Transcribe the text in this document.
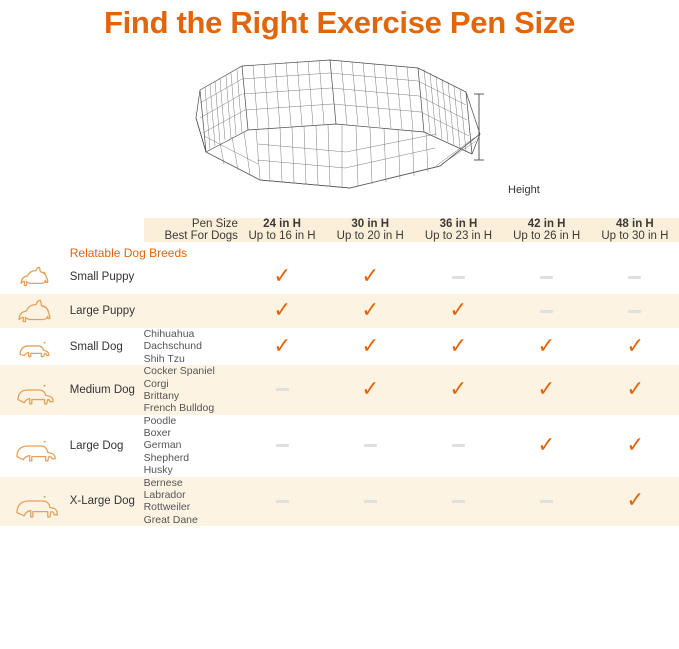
Find the Right Exercise Pen Size
Height
		Pen Size	24 in H	30 in H	36 in H	42 in H	48 in H
		Best For Dogs	Up to 16 in H	Up to 20 in H	Up to 23 in H	Up to 26 in H	Up to 30 in H

	Relatable Dog Breeds						

	Small Puppy		✓	✓			

	Large Puppy		✓	✓	✓		

	Small Dog	Chihuahua
Dachschund
Shih Tzu	✓	✓	✓	✓	✓

	Medium Dog	Cocker Spaniel
Corgi
Brittany
French Bulldog		✓	✓	✓	✓

	Large Dog	Poodle
Boxer
German
Shepherd
Husky				✓	✓

	X-Large Dog	Bernese
Labrador
Rottweiler
Great Dane					✓
